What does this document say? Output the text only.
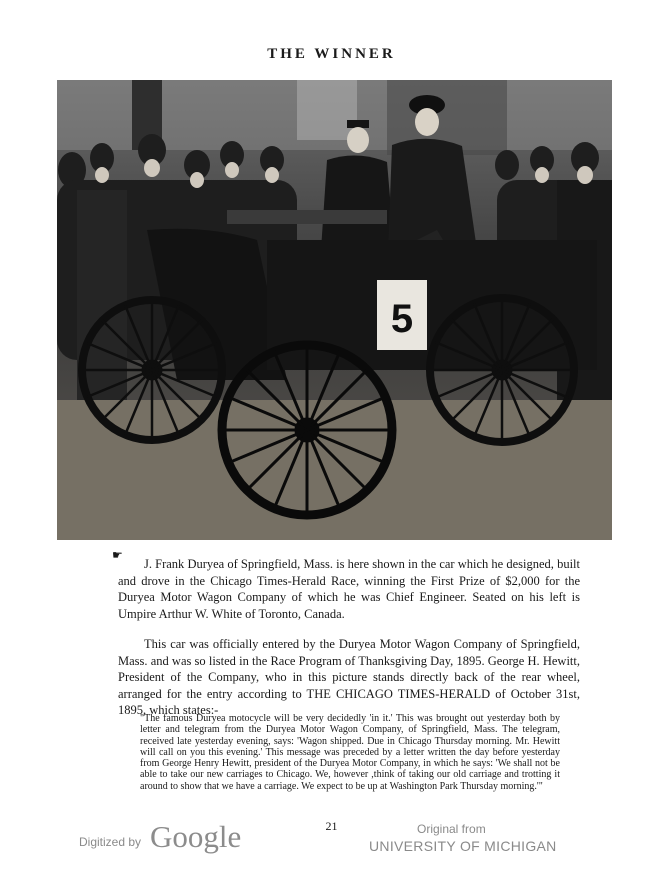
THE WINNER
5
☛
J. Frank Duryea of Springfield, Mass. is here shown in the car which he designed, built and drove in the Chicago Times-Herald Race, winning the First Prize of $2,000 for the Duryea Motor Wagon Company of which he was Chief Engineer. Seated on his left is Umpire Arthur W. White of Toronto, Canada.
This car was officially entered by the Duryea Motor Wagon Company of Springfield, Mass. and was so listed in the Race Program of Thanksgiving Day, 1895. George H. Hewitt, President of the Company, who in this picture stands directly back of the rear wheel, arranged for the entry according to THE CHICAGO TIMES-HERALD of October 31st, 1895, which states:-
"The famous Duryea motocycle will be very decidedly 'in it.' This was brought out yesterday both by letter and telegram from the Duryea Motor Wagon Company, of Springfield, Mass. The telegram, received late yesterday evening, says: 'Wagon shipped. Due in Chicago Thursday morning. Mr. Hewitt will call on you this evening.' This message was preceded by a letter written the day before yesterday from George Henry Hewitt, president of the Duryea Motor Company, in which he says: 'We shall not be able to take our new carriages to Chicago. We, however ,think of taking our old carriage and trotting it around to show that we have a carriage. We expect to be up at Washington Park Thursday morning.'"
21
Digitized by Google	Original from
UNIVERSITY OF MICHIGAN
